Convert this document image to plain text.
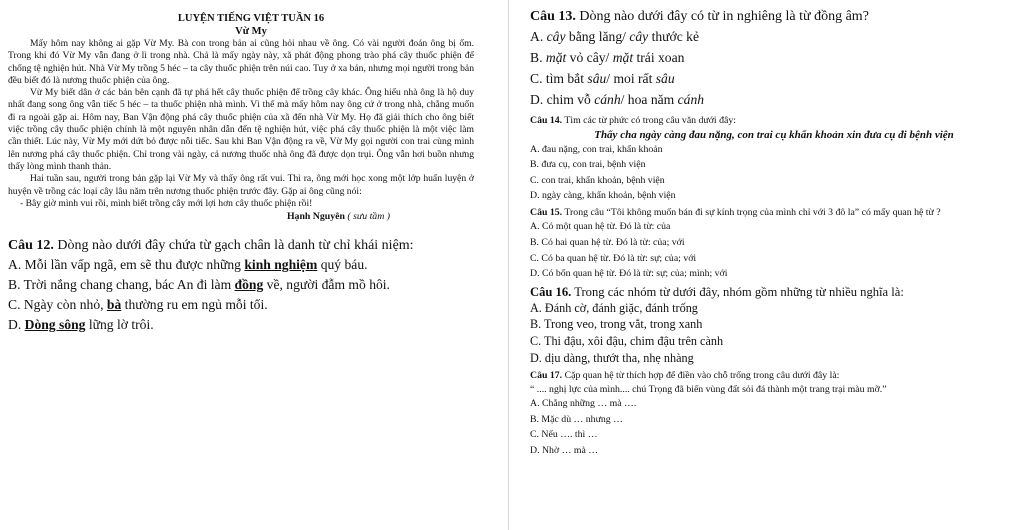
LUYỆN TIẾNG VIỆT TUẦN 16
Vừ My

Mấy hôm nay không ai gặp Vừ My. Bà con trong bản ai cũng hỏi nhau về ông. Có vài người đoán ông bị ốm. Trong khi đó Vừ My vẫn đang ở lì trong nhà. Chả là mấy ngày này, xã phát động phong trào phá cây thuốc phiện để chống tệ nghiện hút. Nhà Vừ My trồng 5 héc – ta cây thuốc phiện trên núi cao. Tuy ở xa bản, nhưng mọi người trong bản đều biết đó là nương thuốc phiện của ông.

Vừ My biết dân ở các bản bên cạnh đã tự phá hết cây thuốc phiện để trồng cây khác. Ông hiểu nhà ông là hộ duy nhất đang song ông vẫn tiếc 5 héc – ta thuốc phiện nhà mình. Vì thế mà mấy hôm nay ông cứ ở trong nhà, chẳng muốn đi ra ngoài gặp ai. Hôm nay, Ban Vận động phá cây thuốc phiện của xã đến nhà Vừ My. Họ đã giải thích cho ông biết việc trồng cây thuốc phiện chính là một nguyên nhân dẫn đến tệ nghiện hút, việc phá cây thuốc phiện là một việc làm cần thiết. Lúc này, Vừ My mới dứt bỏ được nỗi tiếc. Sau khi Ban Vận động ra về, Vừ My gọi người con trai cùng mình lên nương phá cây thuốc phiện. Chỉ trong vài ngày, cả nương thuốc nhà ông đã được dọn trụi. Ông vẫn hơi buồn nhưng thấy lòng mình thanh thản.

Hai tuần sau, người trong bản gặp lại Vừ My và thấy ông rất vui. Thì ra, ông mới học xong một lớp huấn luyện ở huyện về trồng các loại cây lâu năm trên nương thuốc phiện trước đây. Gặp ai ông cũng nói:

- Bây giờ mình vui rồi, mình biết trồng cây mới lợi hơn cây thuốc phiện rồi!

Hạnh Nguyên ( sưu tầm )
Câu 12. Dòng nào dưới đây chứa từ gạch chân là danh từ chỉ khái niệm:
A. Mỗi lần vấp ngã, em sẽ thu được những kinh nghiệm quý báu.
B. Trời nắng chang chang, bác An đi làm đồng về, người đẫm mồ hôi.
C. Ngày còn nhỏ, bà thường ru em ngủ mỗi tối.
D. Dòng sông lững lờ trôi.
Câu 13. Dòng nào dưới đây có từ in nghiêng là từ đồng âm?
A. cây bằng lăng/ cây thước kẻ
B. mặt vỏ cây/ mặt trái xoan
C. tìm bắt sâu/ moi rất sâu
D. chim vỗ cánh/ hoa năm cánh
Câu 14. Tìm các từ phức có trong câu văn dưới đây:
Thấy cha ngày càng đau nặng, con trai cụ khẩn khoản xin đưa cụ đi bệnh viện
A. đau nặng, con trai, khẩn khoản
B. đưa cụ, con trai, bệnh viện
C. con trai, khẩn khoản, bệnh viện
D. ngày càng, khẩn khoản, bệnh viện
Câu 15. Trong câu “Tôi không muốn bán đi sự kính trọng của mình chỉ với 3 đô la” có mấy quan hệ từ ?
A. Có một quan hệ từ. Đó là từ: của
B. Có hai quan hệ từ. Đó là từ: của; với
C. Có ba quan hệ từ. Đó là từ: sự; của; với
D. Có bốn quan hệ từ. Đó là từ: sự; của; mình; với
Câu 16. Trong các nhóm từ dưới đây, nhóm gồm những từ nhiều nghĩa là:
A. Đánh cờ, đánh giặc, đánh trống
B. Trong veo, trong vắt, trong xanh
C. Thi đậu, xôi đậu, chim đậu trên cành
D. dịu dàng, thướt tha, nhẹ nhàng
Câu 17. Cặp quan hệ từ thích hợp để điền vào chỗ trống trong câu dưới đây là:
“ .... nghị lực của mình.... chú Trọng đã biến vùng đất sỏi đá thành một trang trại màu mỡ.”
A. Chẳng những … mà ….
B. Mặc dù … nhưng …
C. Nếu …. thì …
D. Nhờ … mà …
